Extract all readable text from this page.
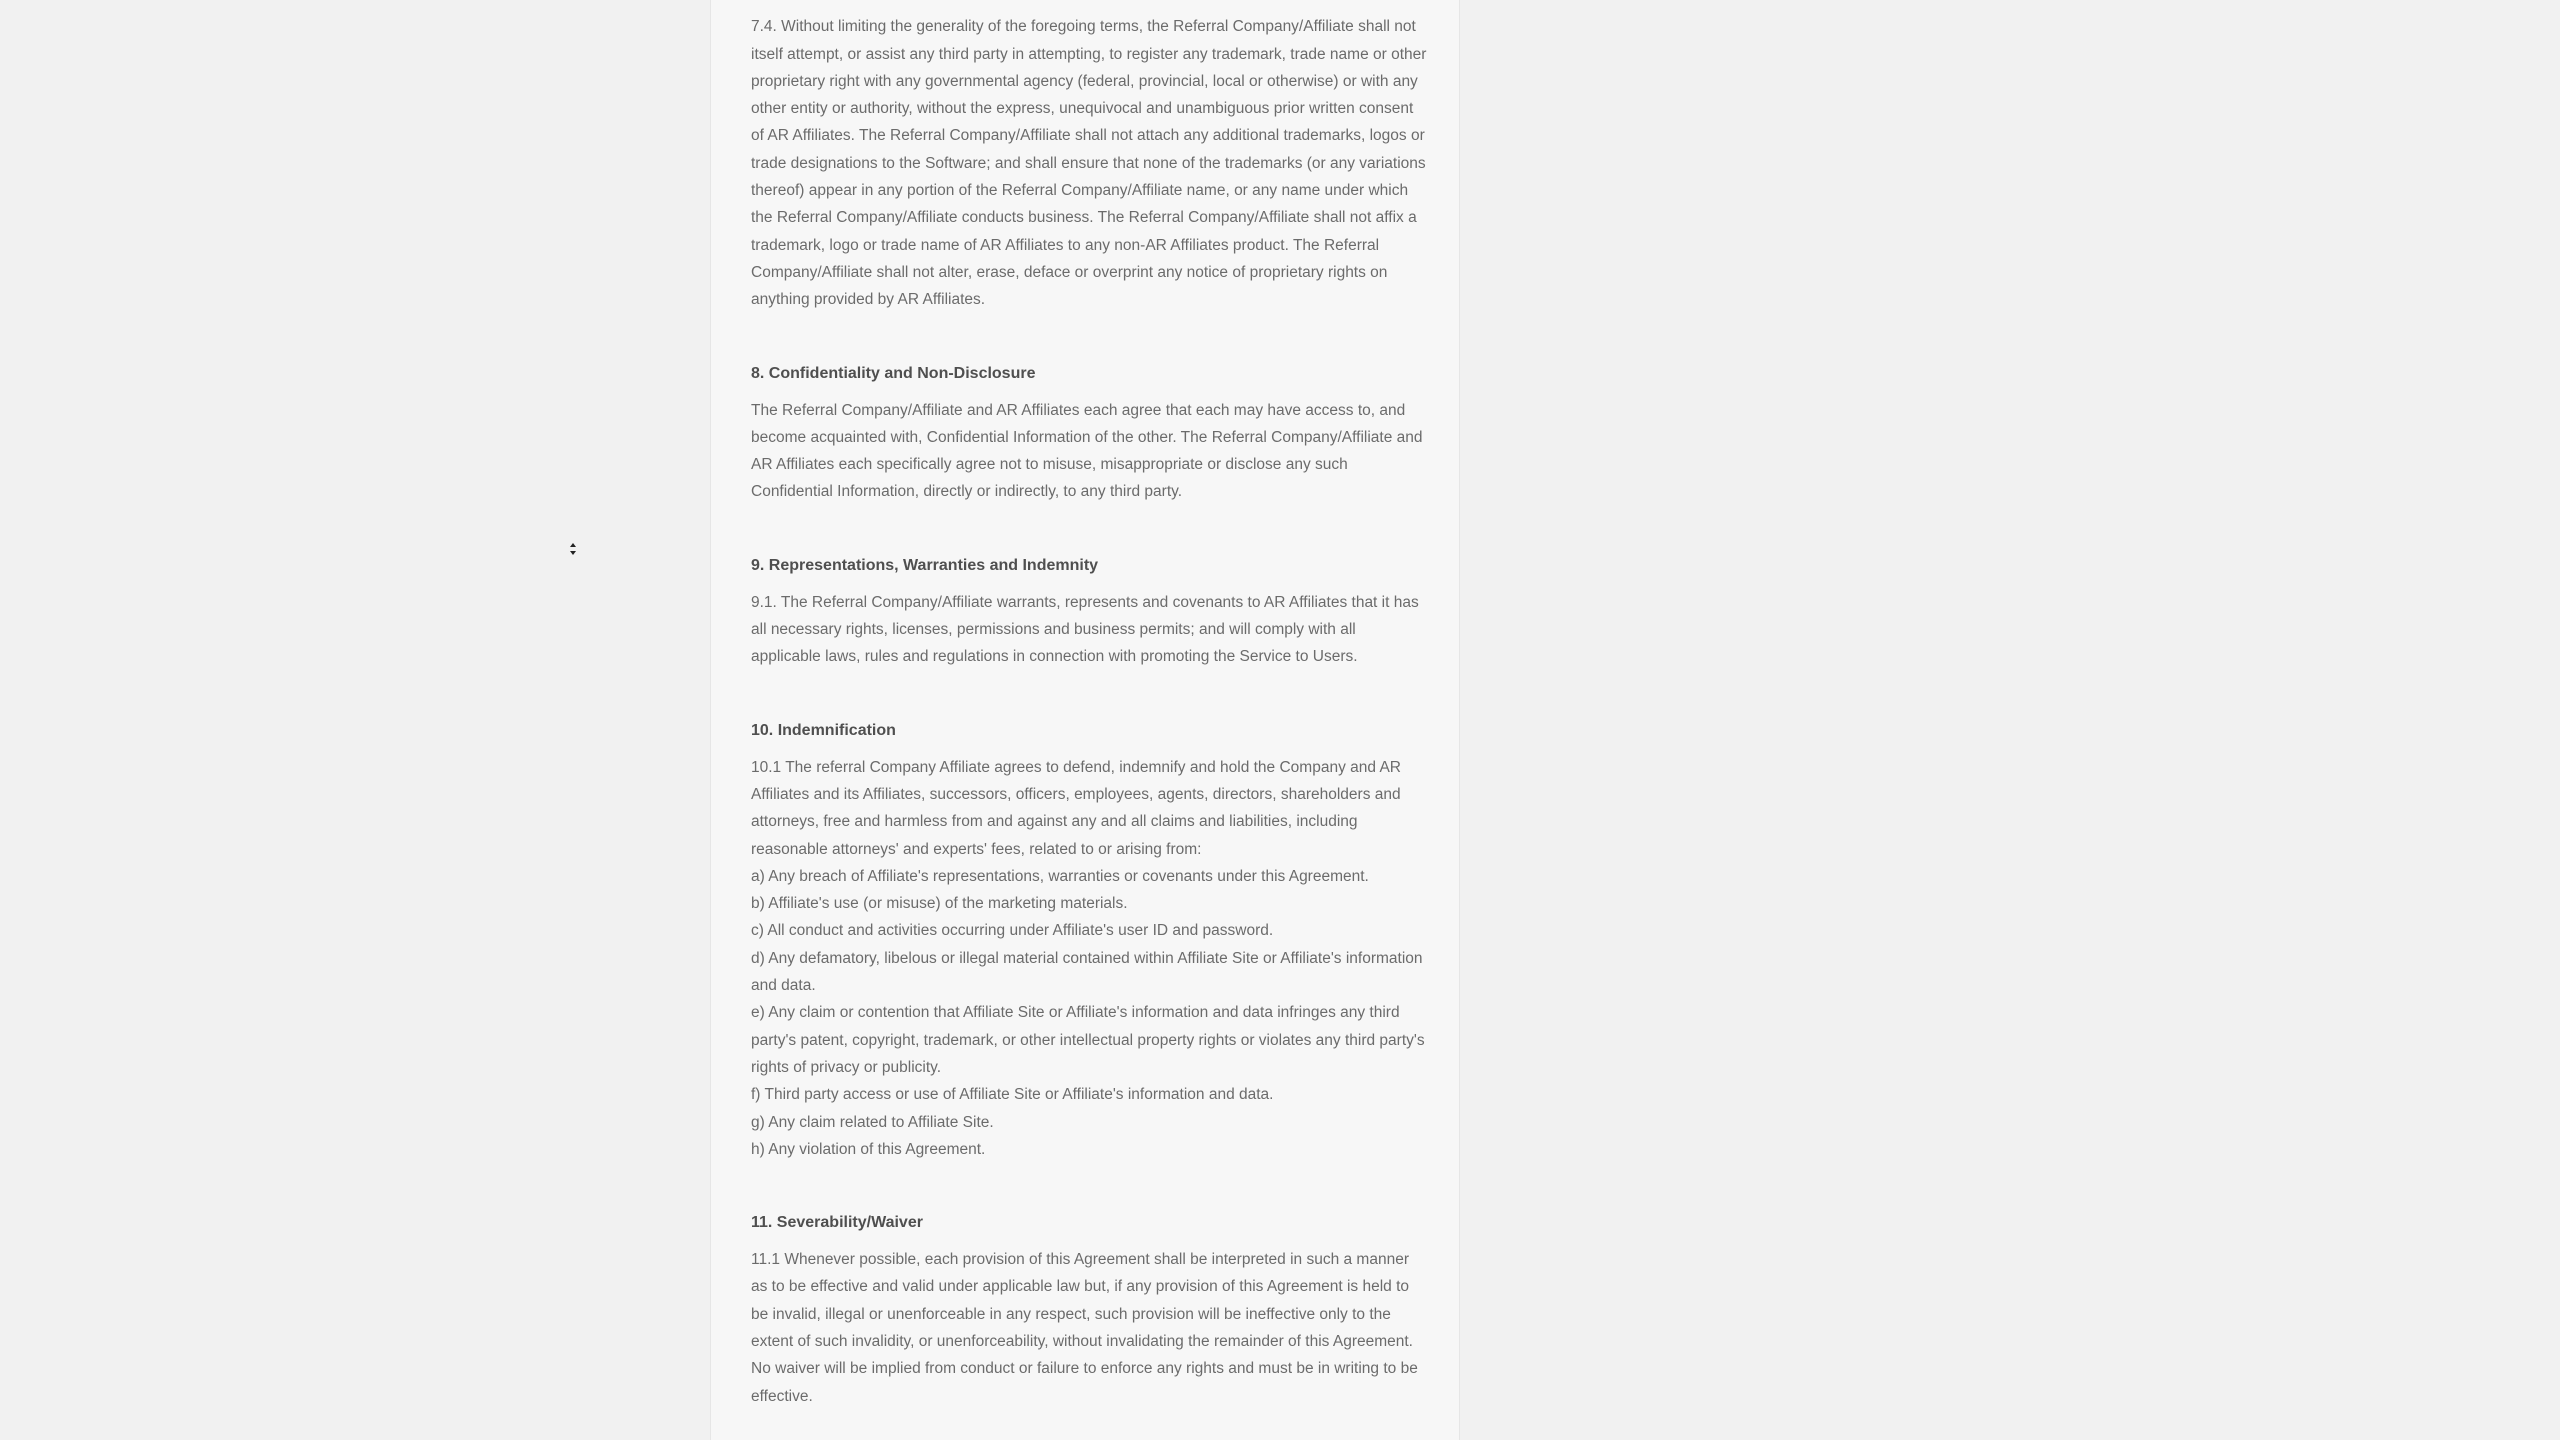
7.4. Without limiting the generality of the foregoing terms, the Referral Company/Affiliate shall not itself attempt, or assist any third party in attempting, to register any trademark, trade name or other proprietary right with any governmental agency (federal, provincial, local or otherwise) or with any other entity or authority, without the express, unequivocal and unambiguous prior written consent of AR Affiliates. The Referral Company/Affiliate shall not attach any additional trademarks, logos or trade designations to the Software; and shall ensure that none of the trademarks (or any variations thereof) appear in any portion of the Referral Company/Affiliate name, or any name under which the Referral Company/Affiliate conducts business. The Referral Company/Affiliate shall not affix a trademark, logo or trade name of AR Affiliates to any non-AR Affiliates product. The Referral Company/Affiliate shall not alter, erase, deface or overprint any notice of proprietary rights on anything provided by AR Affiliates.

8. Confidentiality and Non-Disclosure

The Referral Company/Affiliate and AR Affiliates each agree that each may have access to, and become acquainted with, Confidential Information of the other. The Referral Company/Affiliate and AR Affiliates each specifically agree not to misuse, misappropriate or disclose any such Confidential Information, directly or indirectly, to any third party.

9. Representations, Warranties and Indemnity

9.1. The Referral Company/Affiliate warrants, represents and covenants to AR Affiliates that it has all necessary rights, licenses, permissions and business permits; and will comply with all applicable laws, rules and regulations in connection with promoting the Service to Users.

10. Indemnification

10.1 The referral Company Affiliate agrees to defend, indemnify and hold the Company and AR Affiliates and its Affiliates, successors, officers, employees, agents, directors, shareholders and attorneys, free and harmless from and against any and all claims and liabilities, including reasonable attorneys' and experts' fees, related to or arising from:
a) Any breach of Affiliate's representations, warranties or covenants under this Agreement.
b) Affiliate's use (or misuse) of the marketing materials.
c) All conduct and activities occurring under Affiliate's user ID and password.
d) Any defamatory, libelous or illegal material contained within Affiliate Site or Affiliate's information and data.
e) Any claim or contention that Affiliate Site or Affiliate's information and data infringes any third party's patent, copyright, trademark, or other intellectual property rights or violates any third party's rights of privacy or publicity.
f) Third party access or use of Affiliate Site or Affiliate's information and data.
g) Any claim related to Affiliate Site.
h) Any violation of this Agreement.

11. Severability/Waiver

11.1 Whenever possible, each provision of this Agreement shall be interpreted in such a manner as to be effective and valid under applicable law but, if any provision of this Agreement is held to be invalid, illegal or unenforceable in any respect, such provision will be ineffective only to the extent of such invalidity, or unenforceability, without invalidating the remainder of this Agreement. No waiver will be implied from conduct or failure to enforce any rights and must be in writing to be effective.
